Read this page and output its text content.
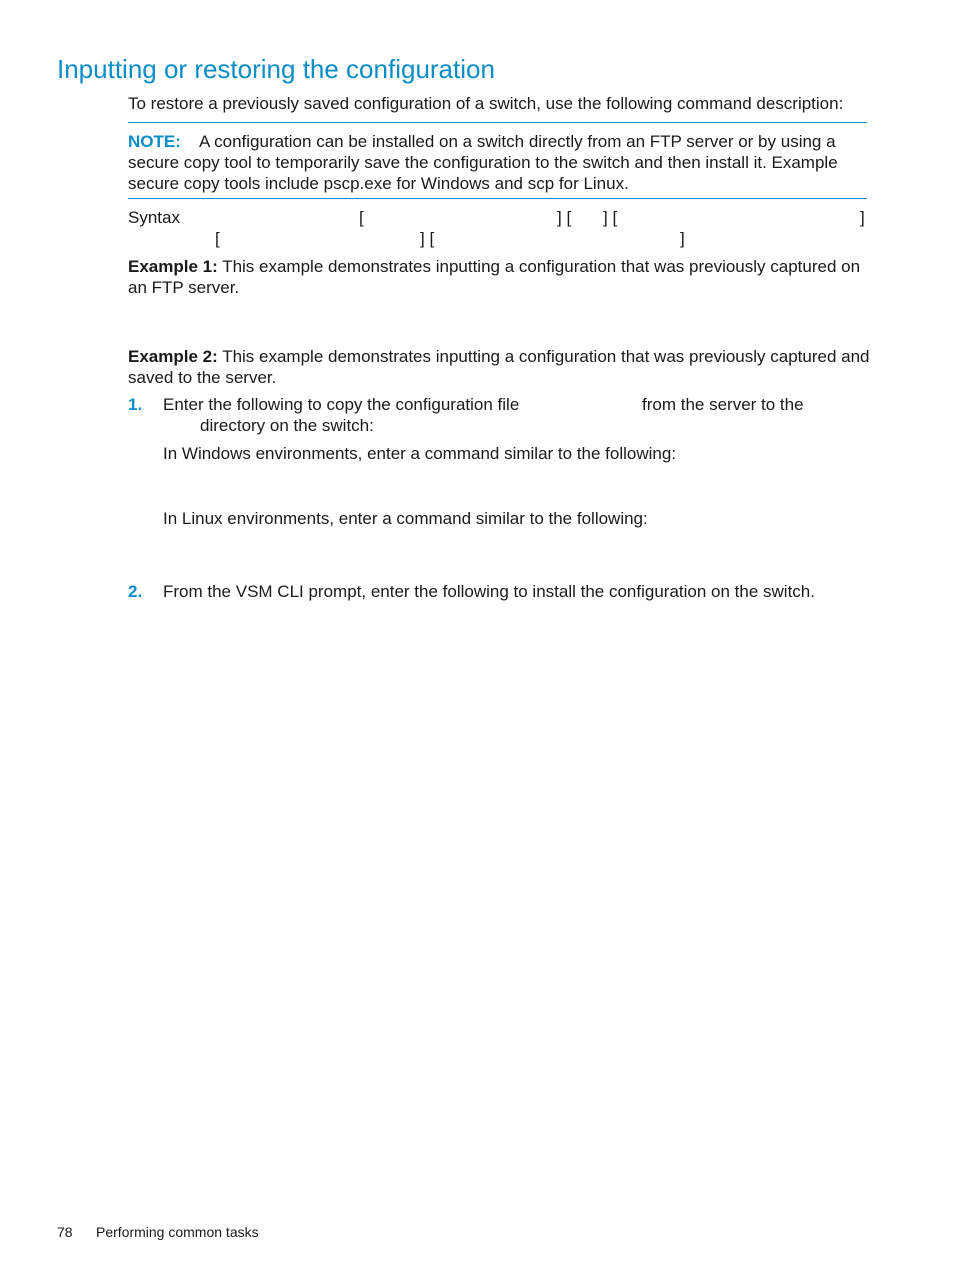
Inputting or restoring the configuration
To restore a previously saved configuration of a switch, use the following command description:
NOTE: A configuration can be installed on a switch directly from an FTP server or by using a
secure copy tool to temporarily save the configuration to the switch and then install it. Example
secure copy tools include pscp.exe for Windows and scp for Linux.
Syntax	[	] [ ] [	]
[	] [	]
Example 1: This example demonstrates inputting a configuration that was previously captured on
an FTP server.
Example 2: This example demonstrates inputting a configuration that was previously captured and
saved to the server.
1. Enter the following to copy the configuration file	from the server to the
directory on the switch:
In Windows environments, enter a command similar to the following:
In Linux environments, enter a command similar to the following:
2. From the VSM CLI prompt, enter the following to install the configuration on the switch.
78 Performing common tasks
